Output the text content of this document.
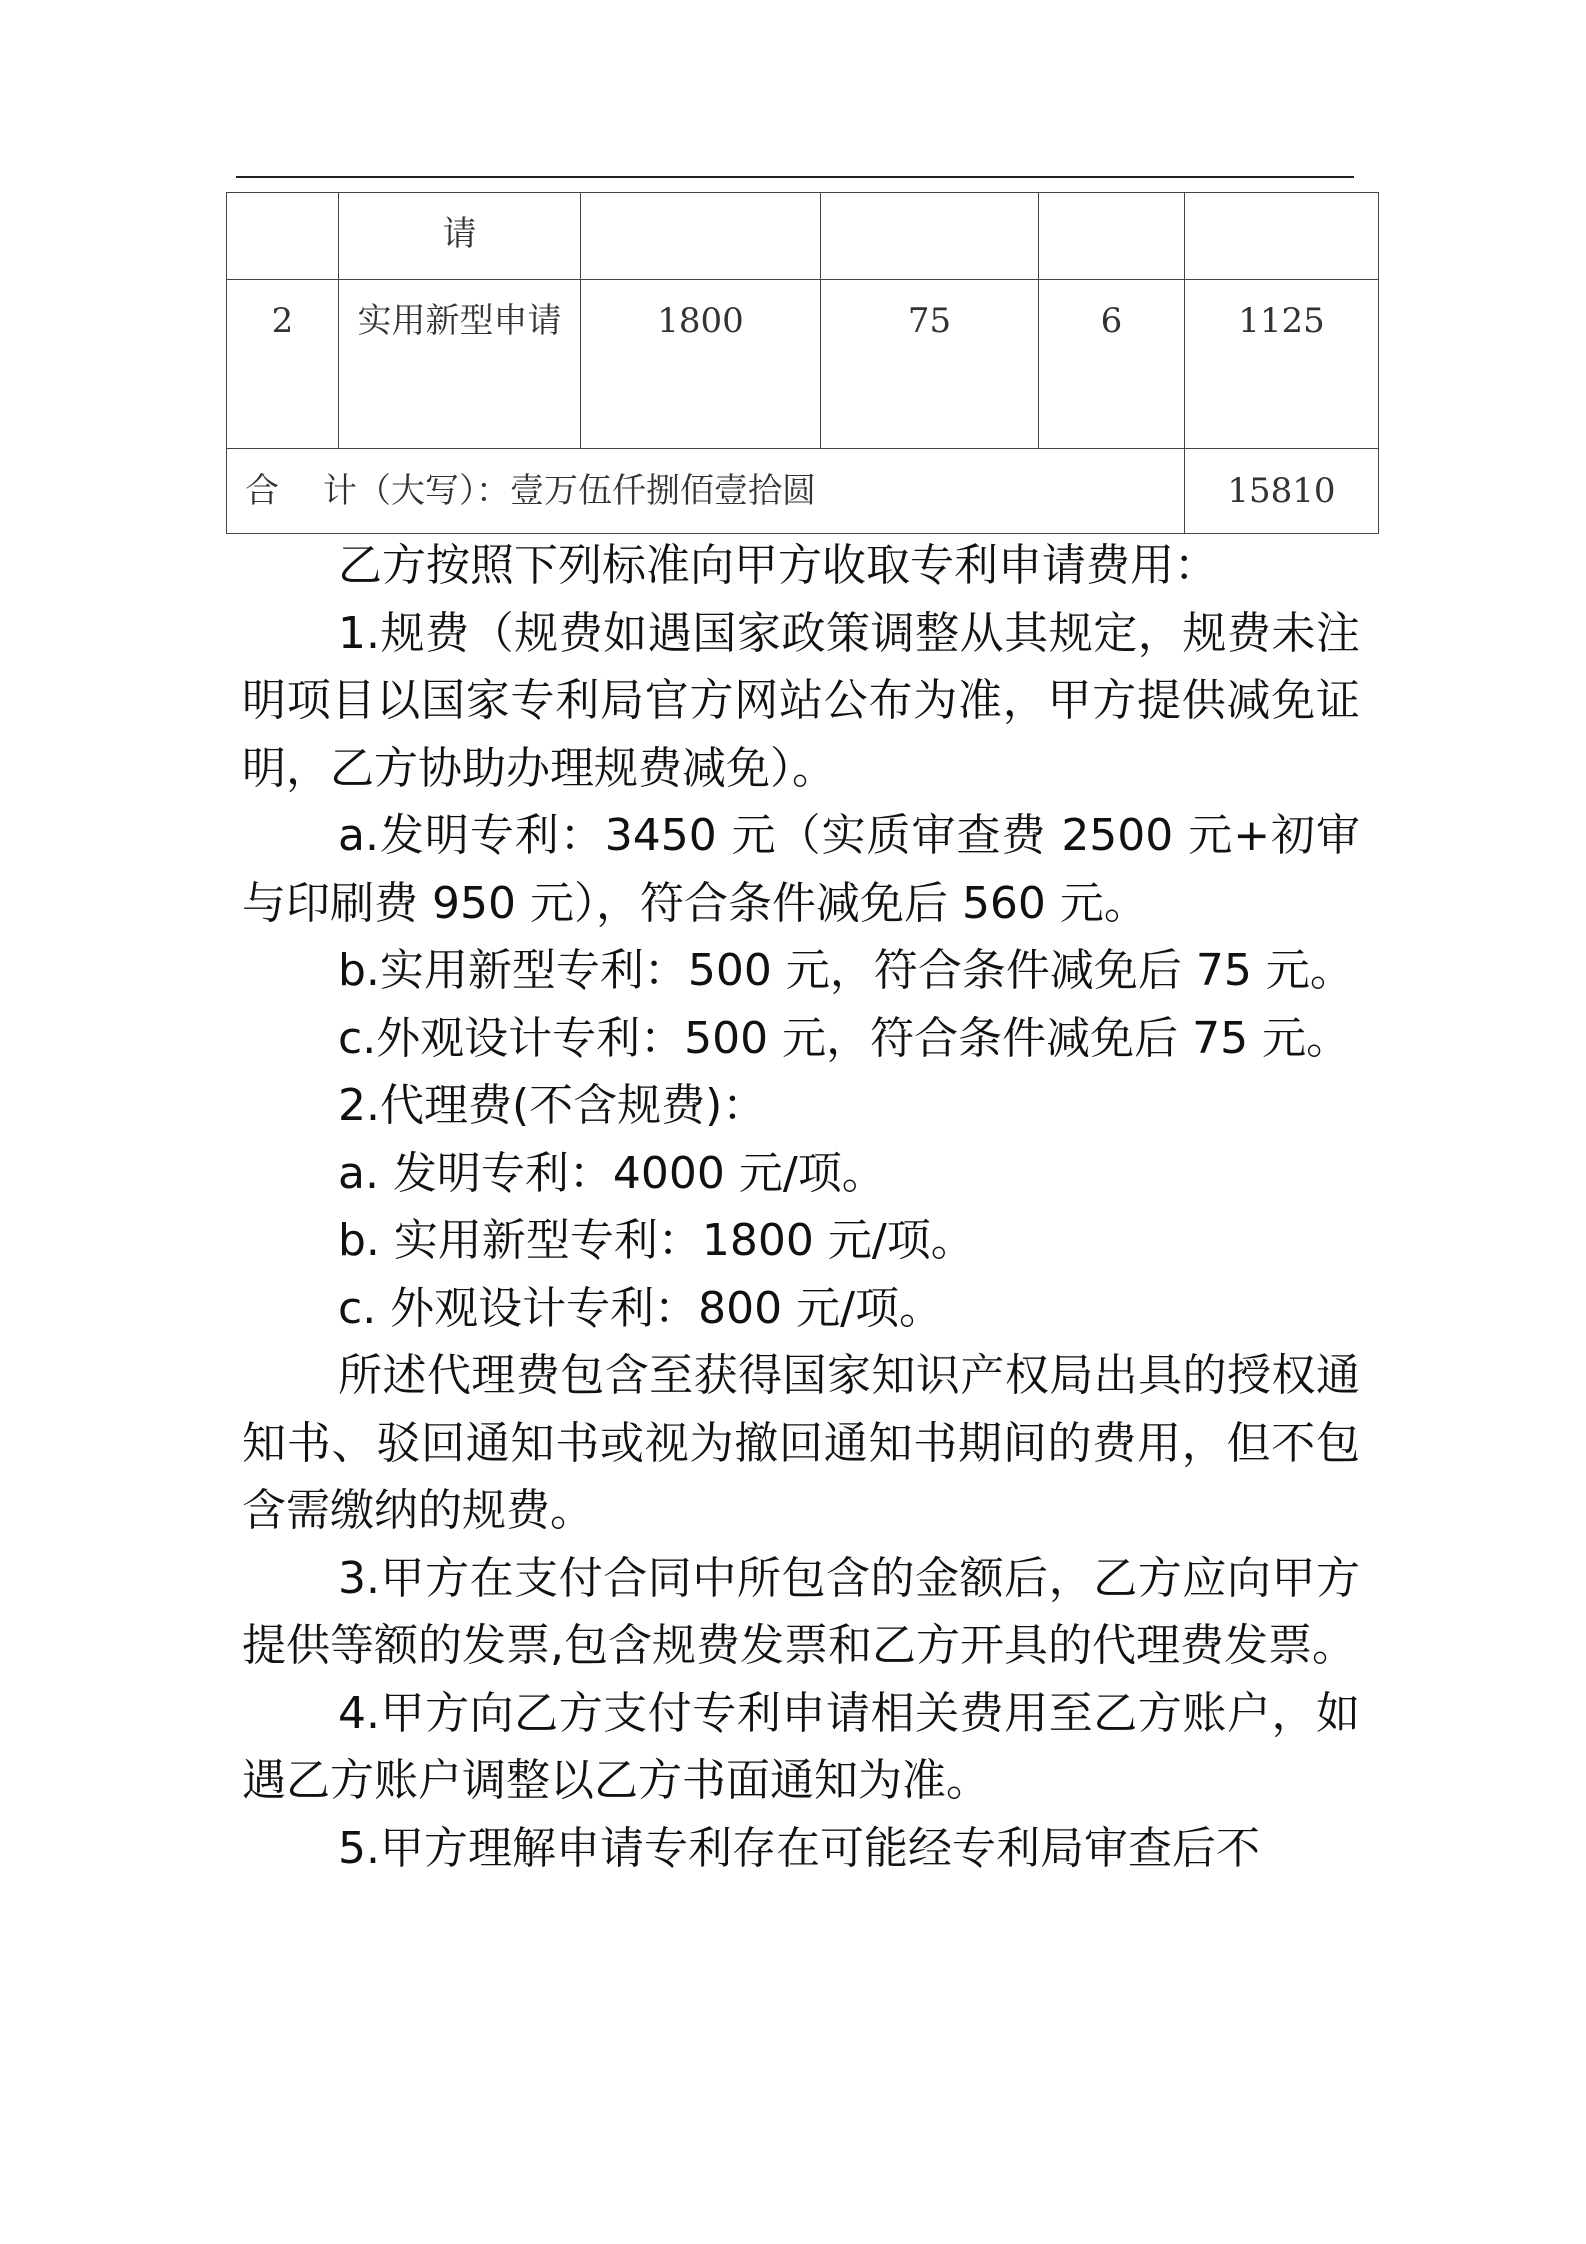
	请				
2	实用新型申请	1800	75	6	1125
合 计（大写）：壹万伍仟捌佰壹拾圆					15810

乙方按照下列标准向甲方收取专利申请费用：

1.规费（规费如遇国家政策调整从其规定，规费未注明项目以国家专利局官方网站公布为准，甲方提供减免证明，乙方协助办理规费减免）。

a.发明专利：3450 元（实质审查费 2500 元+初审与印刷费 950 元），符合条件减免后 560 元。

b.实用新型专利：500 元，符合条件减免后 75 元。

c.外观设计专利：500 元，符合条件减免后 75 元。

2.代理费(不含规费)：

a. 发明专利：4000 元/项。

b. 实用新型专利：1800 元/项。

c. 外观设计专利：800 元/项。

所述代理费包含至获得国家知识产权局出具的授权通知书、驳回通知书或视为撤回通知书期间的费用，但不包含需缴纳的规费。

3.甲方在支付合同中所包含的金额后，乙方应向甲方提供等额的发票,包含规费发票和乙方开具的代理费发票。

4.甲方向乙方支付专利申请相关费用至乙方账户，如遇乙方账户调整以乙方书面通知为准。

5.甲方理解申请专利存在可能经专利局审查后不
